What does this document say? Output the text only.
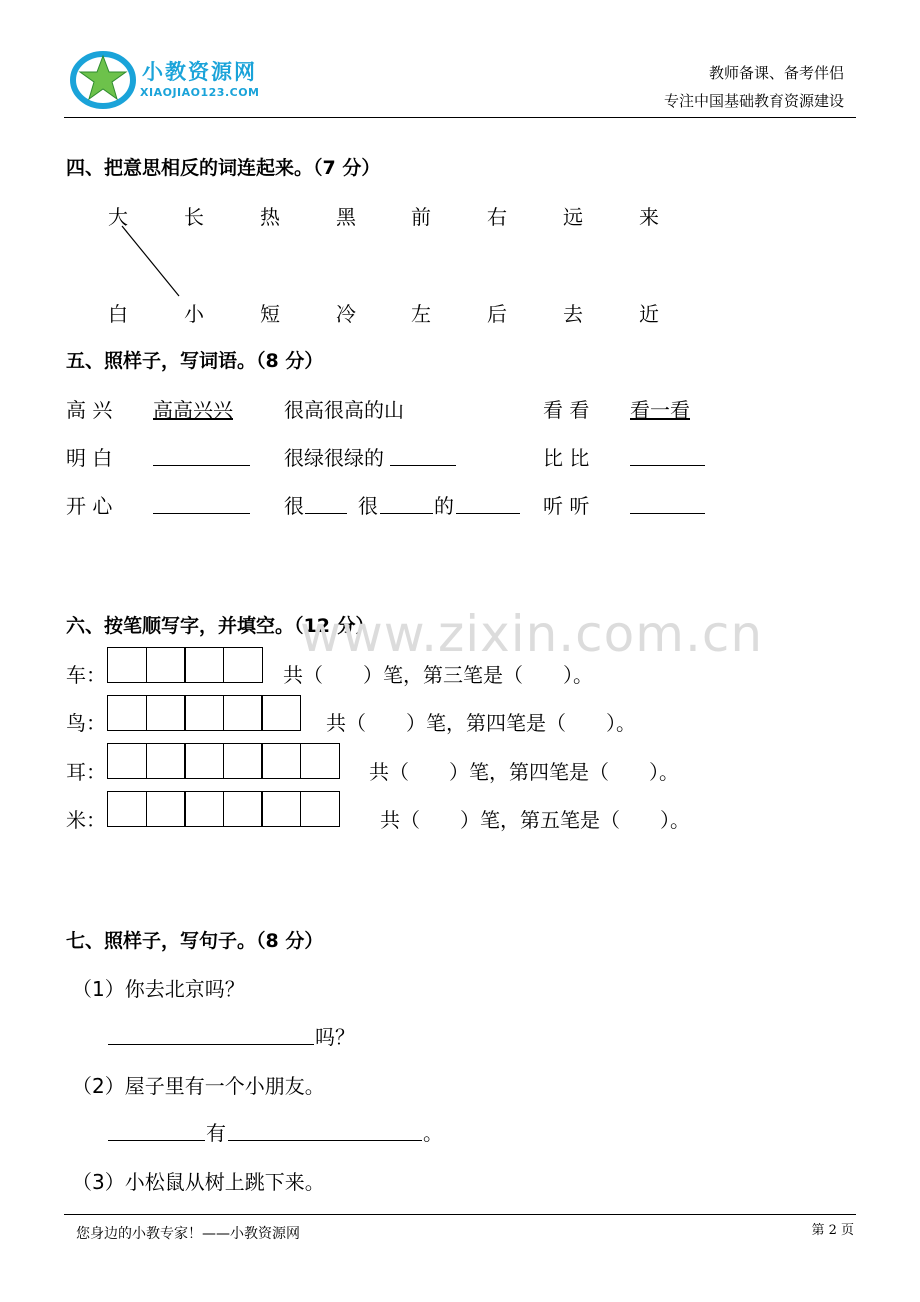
小教资源网
XIAOJIAO123.COM
教师备课、备考伴侣
专注中国基础教育资源建设
四、把意思相反的词连起来。（7 分）
大	长	热	黑	前	右	远	来
白	小	短	冷	左	后	去	近
五、照样子，写词语。（8 分）
高 兴 高高兴兴	很高很高的山	看 看 看一看
明 白	很绿很绿的	比 比
开 心	很	很	的	听 听
六、按笔顺写字，并填空。（12 分）
www.zixin.com.cn
车：	共（　　）笔，第三笔是（　　）。
鸟：	共（　　）笔，第四笔是（　　）。
耳：	共（　　）笔，第四笔是（　　）。
米：	共（　　）笔，第五笔是（　　）。
七、照样子，写句子。（8 分）
（1）你去北京吗？
吗？
（2）屋子里有一个小朋友。
有	。
（3）小松鼠从树上跳下来。
您身边的小教专家！——小教资源网	第 2 页
